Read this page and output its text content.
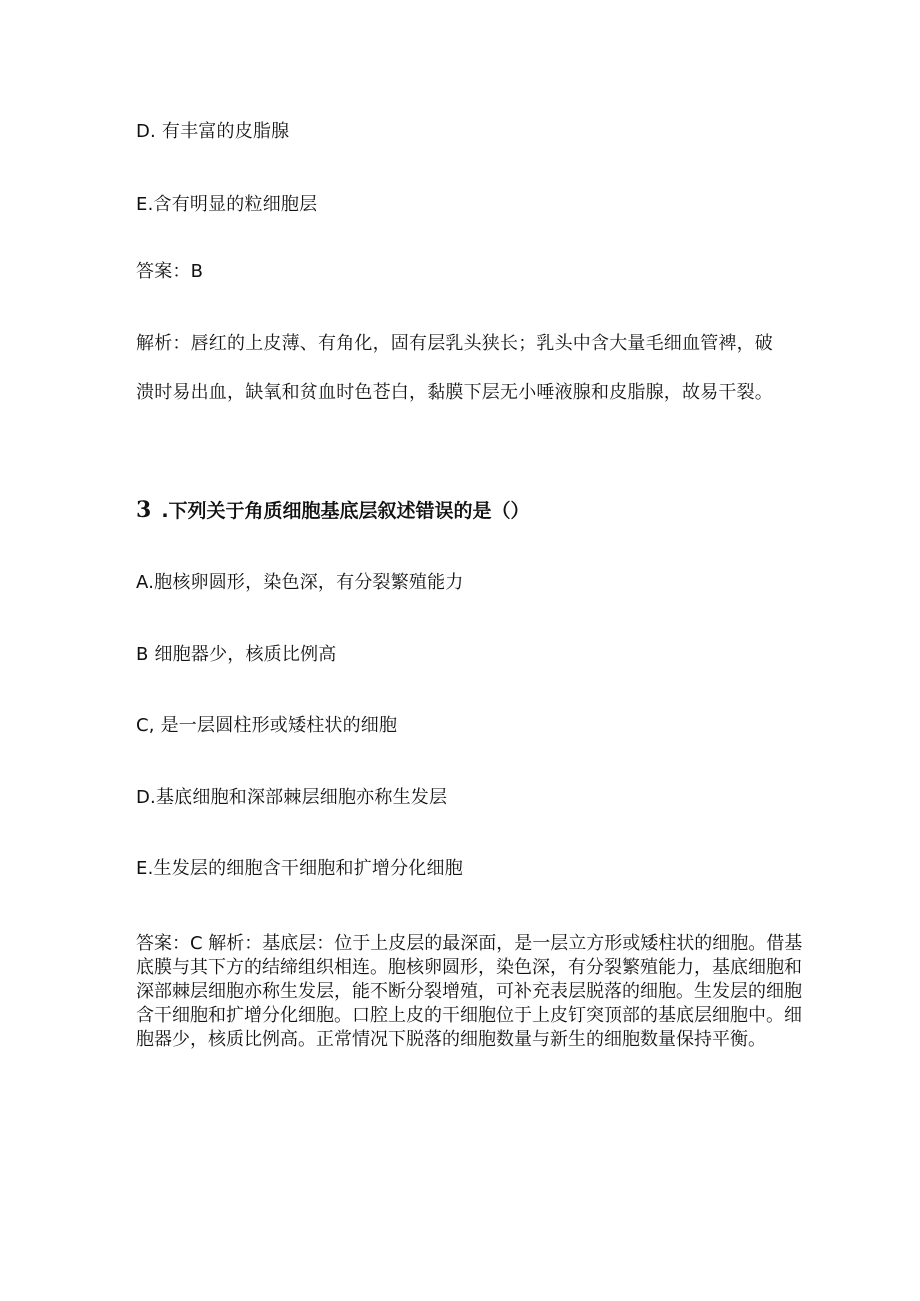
D. 有丰富的皮脂腺
E.含有明显的粒细胞层
答案：B
解析：唇红的上皮薄、有角化，固有层乳头狭长；乳头中含大量毛细血管裨，破
溃时易出血，缺氧和贫血时色苍白，黏膜下层无小唾液腺和皮脂腺，故易干裂。
3 .下列关于角质细胞基底层叙述错误的是（）
A.胞核卵圆形，染色深，有分裂繁殖能力
B 细胞器少，核质比例高
C, 是一层圆柱形或矮柱状的细胞
D.基底细胞和深部棘层细胞亦称生发层
E.生发层的细胞含干细胞和扩增分化细胞
答案：C 解析：基底层：位于上皮层的最深面，是一层立方形或矮柱状的细胞。借基底膜与其下方的结缔组织相连。胞核卵圆形，染色深，有分裂繁殖能力，基底细胞和深部棘层细胞亦称生发层，能不断分裂增殖，可补充表层脱落的细胞。生发层的细胞含干细胞和扩增分化细胞。口腔上皮的干细胞位于上皮钉突顶部的基底层细胞中。细胞器少，核质比例高。正常情况下脱落的细胞数量与新生的细胞数量保持平衡。
